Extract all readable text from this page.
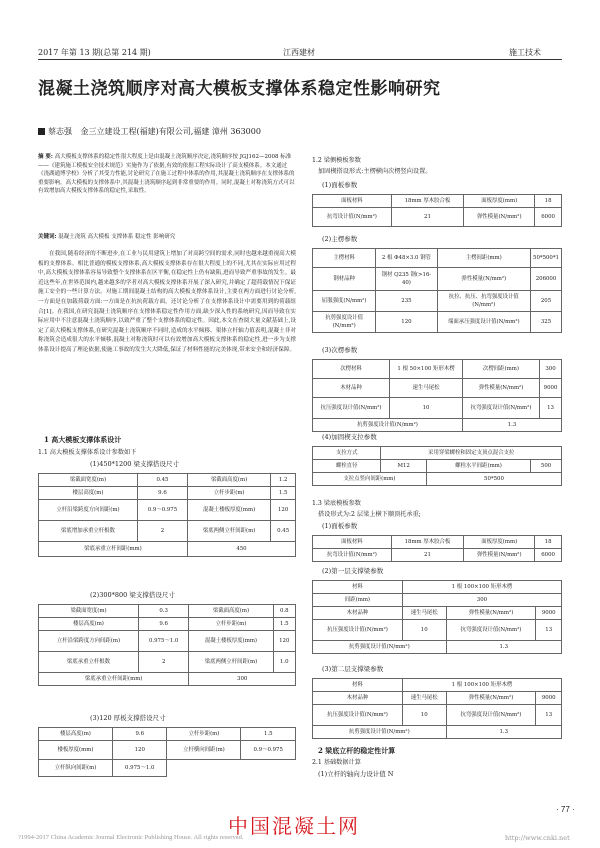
2017 年第 13 期(总第 214 期)	江西建材	施工技术
混凝土浇筑顺序对高大模板支撑体系稳定性影响研究
蔡志强 金三立建设工程(福建)有限公司,福建 漳州 363000
摘 要: 高大模板支撑体系的稳定性很大程度上是由混凝土浇筑顺序决定,浇筑顺序按 JGJ162—2008 标准——《建筑施工模板安全技术规范》实施作为了依据,有效的依据工程实际设计了高支模体系。本文通过《浇湖通博学校》分析了其受力性能,讨论研究了在施工过程中体系的作用,其混凝土浇筑顺序在支撑体系的重要影响。高大模板的支撑体系中,其混凝土浇筑顺序起到非常重要的作用。同时,混凝土对称浇筑方式可以有效增加高大模板支撑体系的稳定性,采取性。
关键词: 混凝土浇筑 高大模板 支撑体系 稳定性 影响研究

在我国,随着经济的不断进步,在工业与民用建筑上增加了对高跨空间的需求,同时也越来越重视高大模板的支撑体系。相比普通的模板支撑体系,高大模板支撑体系存在很大程度上的不同,尤其在实际应用过程中,高大模板支撑体系容易导致整个支撑体系在区平衡,在稳定性上仍有缺陷,进而导致严重事故的发生。最近这些年,在世界范围内,越来越多的学者对高大模板支撑体系开展了深入研究,并确定了超荷载情况下保证施工安全的一些计算方法。对施工期间混凝土结构的高大模板支撑体系设计,主要在两方面进行讨论分析,一方面是在加载荷载方面:一方面是在抗抗荷载方面。还讨论分析了在支撑体系设计中需要用到的荷载组合[1]。在我国,在研究混凝土浇筑顺序在支撑体系稳定性作用方面,缺少深入性的系统研究,因而导致在实际应用中不注意混凝土浇筑顺序,以致严重了整个支撑体系的稳定性。因此,本文在查阅大量文献基础上,设定了高大模板支撑体系,在研究混凝土浇筑顺序不同时,造成的水平倾移、架体立杆轴力值表明,混凝土非对称浇筑会造成很大的水平倾移,混凝土对称浇筑时可以有效增加高大模板支撑体系的稳定性,进一步为支撑体系设计提高了理论依据,使施工事故的发生大大降低,保证了材料性能的完美体现,带来安全和经济保障。

1 高大模板支撑体系设计
1.1 高大模板支撑体系设计参数如下
(1)450*1200 梁支撑搭设尺寸
梁截面宽度(m)	0.45	梁截面高度(m)	1.2
楼层高度(m)	9.6	立杆步距(m)	1.5
立杆沿梁跨度方向间距(m)	0.9～0.975	混凝土楼板厚度(mm)	120
梁底增加承重立杆根数	2	梁底两侧立杆间距(m)	0.45
梁底承重立杆间距(mm)		450	
(2)300*800 梁支撑搭设尺寸
梁截面宽度(m)	0.3	梁截面高度(m)	0.8
楼层高度(m)	9.6	立杆步距(m)	1.5
立杆沿梁跨度方向间距(m)	0.975～1.0	混凝土楼板厚度(mm)	120
梁底承重立杆根数	2	梁底两侧立杆间距(m)	1.0
梁底承重立杆间距(mm)		300	
(3)120 厚板支撑搭设尺寸
楼层高度(m)	9.6	立杆步距(m)	1.5
楼板厚度(mm)	120	立杆横向间距(m)	0.9～0.975
立杆纵向间距(m)	0.975～1.0		
1.2 梁侧模板参数
加固楔搭设形式:主楞横向次楞竖向设置。
(1)面板参数
面板材料	18mm 厚木胶合板	面板厚度(mm)	18
抗弯设计值(N/mm²)	21	弹性模量(N/mm²)	6000
(2)主楞参数
主楞材料	2 根 Φ48×3.0 钢管	主楞间距(mm)	50*500*1
钢材品种	钢材 Q235 钢(>16-40)	弹性模量(N/mm²)	206000
屈服强度(N/mm²)	235	抗拉、抗压、抗弯强度设计值(N/mm²)	205
抗剪强度设计值(N/mm²)	120	端面承压强度设计值(N/mm²)	325
(3)次楞参数
次楞材料	1 根 50×100 矩形木楞	次楞间距(mm)	300
木材品种	速生马尾松	弹性模量(N/mm²)	9000
抗压强度设计值(N/mm²)	10	抗弯强度设计值(N/mm²)	13
抗剪强度设计值(N/mm²)		1.3	
(4)加固楔支拉参数
支拉方式	采用穿梁螺栓和固定支顶点混合支拉		
螺栓直径	M12	螺栓水平间距(mm)	500
支拉点竖向间距(mm)		50*500	
1.3 梁底模板参数
搭设形式为:2 层梁上横下顺顶托承重;
(1)面板参数
面板材料	18mm 厚木胶合板	面板厚度(mm)	18
抗弯设计值(N/mm²)	21	弹性模量(N/mm²)	6000
(2)第一层支撑梁参数
材料	1 根 100×100 矩形木楞		
间距(mm)	300		
木材品种	速生马尾松	弹性模量(N/mm²)	9000
抗压强度设计值(N/mm²)	10	抗弯强度设计值(N/mm²)	13
抗剪强度设计值(N/mm²)		1.3	
(3)第二层支撑梁参数
材料	1 根 100×100 矩形木楞		
木材品种	速生马尾松	弹性模量(N/mm²)	9000
抗压强度设计值(N/mm²)	10	抗弯强度设计值(N/mm²)	13
抗剪强度设计值(N/mm²)		1.3	
2 梁底立杆的稳定性计算
2.1 基础数据计算
(1)立杆的轴向力设计值 N
· 77 ·
中国混凝土网
?1994-2017 China Academic Journal Electronic Publishing House. All rights reserved.	http://www.cnki.net
